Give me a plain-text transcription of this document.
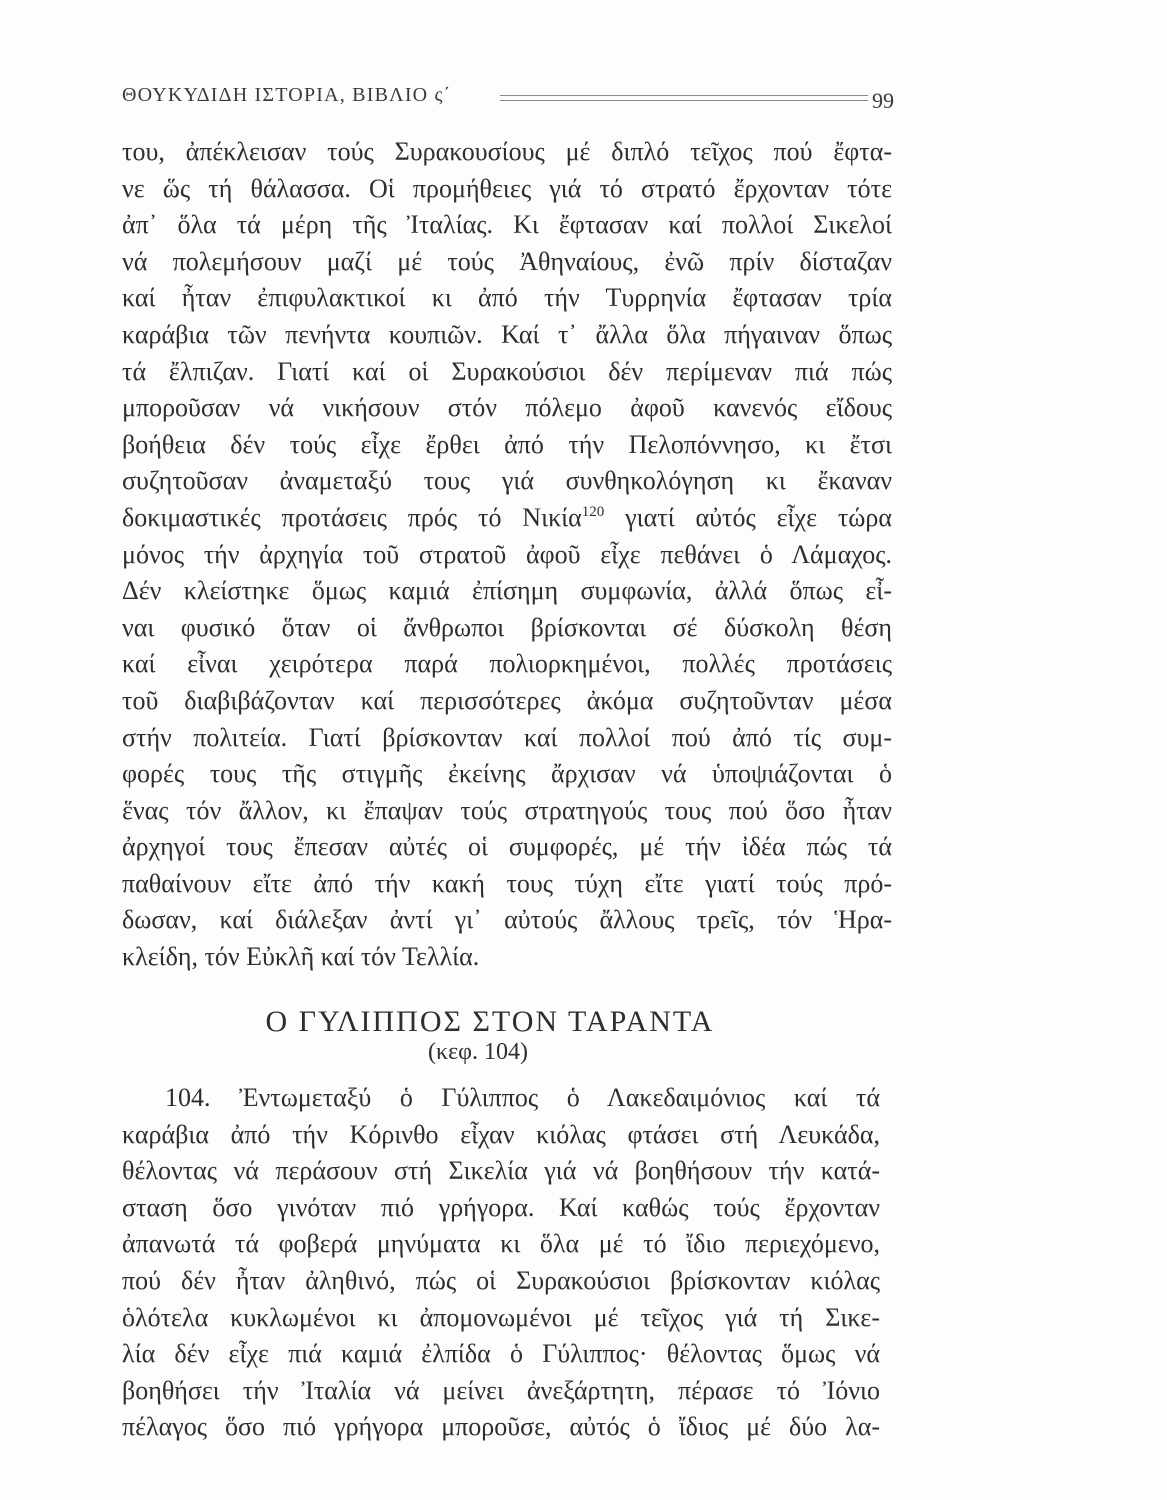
ΘΟΥΚΥΔΙΔΗ ΙΣΤΟΡΙΑ, ΒΙΒΛΙΟ ς΄	99
του, ἀπέκλεισαν τούς Συρακουσίους μέ διπλό τεῖχος πού ἔφτα-
νε ὥς τή θάλασσα. Οἱ προμήθειες γιά τό στρατό ἔρχονταν τότε
ἀπ᾽ ὅλα τά μέρη τῆς Ἰταλίας. Κι ἔφτασαν καί πολλοί Σικελοί
νά πολεμήσουν μαζί μέ τούς Ἀθηναίους, ἐνῶ πρίν δίσταζαν
καί ἦταν ἐπιφυλακτικοί κι ἀπό τήν Τυρρηνία ἔφτασαν τρία
καράβια τῶν πενήντα κουπιῶν. Καί τ᾽ ἄλλα ὅλα πήγαιναν ὅπως
τά ἔλπιζαν. Γιατί καί οἱ Συρακούσιοι δέν περίμεναν πιά πώς
μποροῦσαν νά νικήσουν στόν πόλεμο ἀφοῦ κανενός εἴδους
βοήθεια δέν τούς εἶχε ἔρθει ἀπό τήν Πελοπόννησο, κι ἔτσι
συζητοῦσαν ἀναμεταξύ τους γιά συνθηκολόγηση κι ἔκαναν
δοκιμαστικές προτάσεις πρός τό Νικία$^{120}$ γιατί αὐτός εἶχε τώρα
μόνος τήν ἀρχηγία τοῦ στρατοῦ ἀφοῦ εἶχε πεθάνει ὁ Λάμαχος.
Δέν κλείστηκε ὅμως καμιά ἐπίσημη συμφωνία, ἀλλά ὅπως εἶ-
ναι φυσικό ὅταν οἱ ἄνθρωποι βρίσκονται σέ δύσκολη θέση
καί εἶναι χειρότερα παρά πολιορκημένοι, πολλές προτάσεις
τοῦ διαβιβάζονταν καί περισσότερες ἀκόμα συζητοῦνταν μέσα
στήν πολιτεία. Γιατί βρίσκονταν καί πολλοί πού ἀπό τίς συμ-
φορές τους τῆς στιγμῆς ἐκείνης ἄρχισαν νά ὑποψιάζονται ὁ
ἕνας τόν ἄλλον, κι ἔπαψαν τούς στρατηγούς τους πού ὅσο ἦταν
ἀρχηγοί τους ἔπεσαν αὐτές οἱ συμφορές, μέ τήν ἰδέα πώς τά
παθαίνουν εἴτε ἀπό τήν κακή τους τύχη εἴτε γιατί τούς πρό-
δωσαν, καί διάλεξαν ἀντί γι᾽ αὐτούς ἄλλους τρεῖς, τόν Ἡρα-
κλείδη, τόν Εὐκλῆ καί τόν Τελλία.
Ο ΓΥΛΙΠΠΟΣ ΣΤΟΝ ΤΑΡΑΝΤΑ
(κεφ. 104)
104. Ἐντωμεταξύ ὁ Γύλιππος ὁ Λακεδαιμόνιος καί τά
καράβια ἀπό τήν Κόρινθο εἶχαν κιόλας φτάσει στή Λευκάδα,
θέλοντας νά περάσουν στή Σικελία γιά νά βοηθήσουν τήν κατά-
σταση ὅσο γινόταν πιό γρήγορα. Καί καθώς τούς ἔρχονταν
ἀπανωτά τά φοβερά μηνύματα κι ὅλα μέ τό ἴδιο περιεχόμενο,
πού δέν ἦταν ἀληθινό, πώς οἱ Συρακούσιοι βρίσκονταν κιόλας
ὁλότελα κυκλωμένοι κι ἀπομονωμένοι μέ τεῖχος γιά τή Σικε-
λία δέν εἶχε πιά καμιά ἐλπίδα ὁ Γύλιππος· θέλοντας ὅμως νά
βοηθήσει τήν Ἰταλία νά μείνει ἀνεξάρτητη, πέρασε τό Ἰόνιο
πέλαγος ὅσο πιό γρήγορα μποροῦσε, αὐτός ὁ ἴδιος μέ δύο λα-
